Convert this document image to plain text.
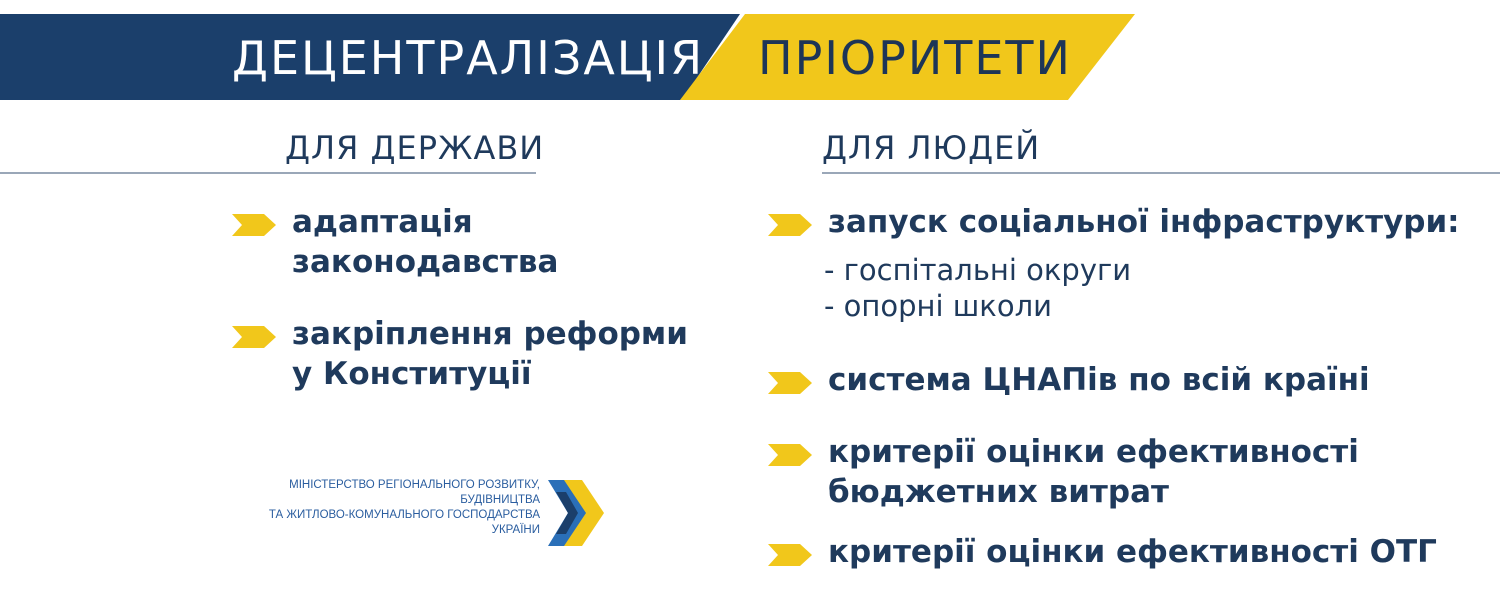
ДЕЦЕНТРАЛІЗАЦІЯ ПРІОРИТЕТИ
ДЛЯ ДЕРЖАВИ
адаптація
законодавства
закріплення реформи
у Конституції
ДЛЯ ЛЮДЕЙ
запуск соціальної інфраструктури:
- госпітальні округи
- опорні школи
система ЦНАПів по всій країні
критерії оцінки ефективності
бюджетних витрат
критерії оцінки ефективності ОТГ
МІНІСТЕРСТВО РЕГІОНАЛЬНОГО РОЗВИТКУ,
БУДІВНИЦТВА
ТА ЖИТЛОВО-КОМУНАЛЬНОГО ГОСПОДАРСТВА
УКРАЇНИ
